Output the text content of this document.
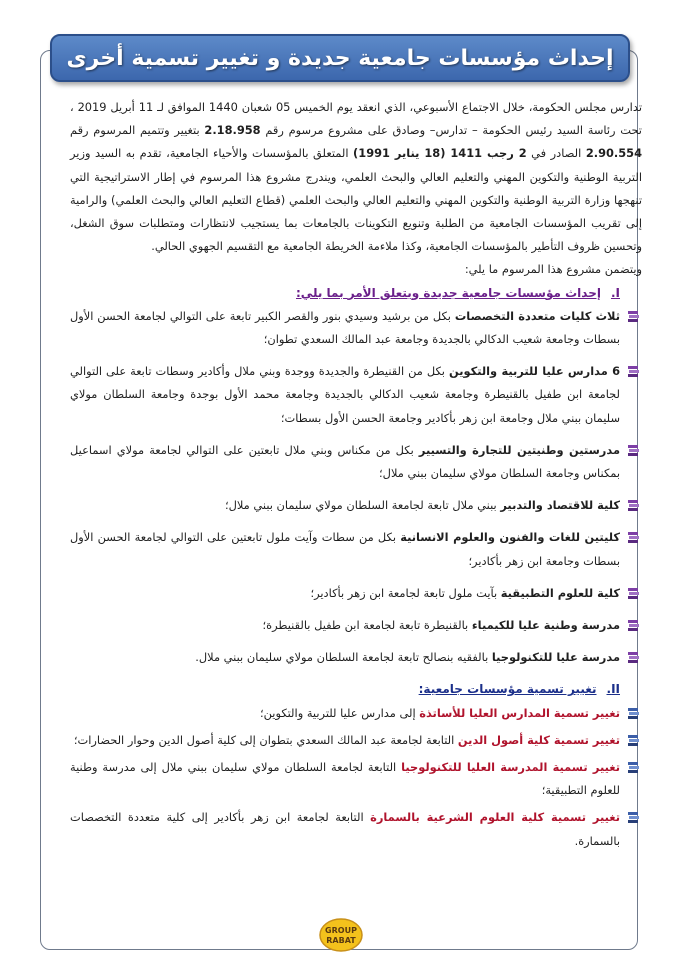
إحداث مؤسسات جامعية جديدة و تغيير تسمية أخرى

تدارس مجلس الحكومة، خلال الاجتماع الأسبوعي، الذي انعقد يوم الخميس 05 شعبان 1440 الموافق لـ 11 أبريل 2019 ، تحت رئاسة السيد رئيس الحكومة – تدارس– وصادق على مشروع مرسوم رقم 2.18.958 بتغيير وتتميم المرسوم رقم 2.90.554 الصادر في 2 رجب 1411 (18 يناير 1991) المتعلق بالمؤسسات والأحياء الجامعية، تقدم به السيد وزير التربية الوطنية والتكوين المهني والتعليم العالي والبحث العلمي، ويندرج مشروع هذا المرسوم في إطار الاستراتيجية التي تنهجها وزارة التربية الوطنية والتكوين المهني والتعليم العالي والبحث العلمي (قطاع التعليم العالي والبحث العلمي) والرامية إلى تقريب المؤسسات الجامعية من الطلبة وتنويع التكوينات بالجامعات بما يستجيب لانتظارات ومتطلبات سوق الشغل، وتحسين ظروف التأطير بالمؤسسات الجامعية، وكذا ملاءمة الخريطة الجامعية مع التقسيم الجهوي الحالي.

ويتضمن مشروع هذا المرسوم ما يلي:

I.إحداث مؤسسات جامعية جديدة ويتعلق الأمر بما يلي:

ثلاث كليات متعددة التخصصات بكل من برشيد وسيدي بنور والقصر الكبير تابعة على التوالي لجامعة الحسن الأول بسطات وجامعة شعيب الدكالي بالجديدة وجامعة عبد المالك السعدي تطوان؛
6 مدارس عليا للتربية والتكوين بكل من القنيطرة والجديدة ووجدة وبني ملال وأكادير وسطات تابعة على التوالي لجامعة ابن طفيل بالقنيطرة وجامعة شعيب الدكالي بالجديدة وجامعة محمد الأول بوجدة وجامعة السلطان مولاي سليمان ببني ملال وجامعة ابن زهر بأكادير وجامعة الحسن الأول بسطات؛
مدرستين وطنيتين للتجارة والتسيير بكل من مكناس وبني ملال تابعتين على التوالي لجامعة مولاي اسماعيل بمكناس وجامعة السلطان مولاي سليمان ببني ملال؛
كلية للاقتصاد والتدبير ببني ملال تابعة لجامعة السلطان مولاي سليمان ببني ملال؛
كليتين للغات والفنون والعلوم الانسانية بكل من سطات وآيت ملول تابعتين على التوالي لجامعة الحسن الأول بسطات وجامعة ابن زهر بأكادير؛
كلية للعلوم التطبيقية بآيت ملول تابعة لجامعة ابن زهر بأكادير؛
مدرسة وطنية عليا للكيمياء بالقنيطرة تابعة لجامعة ابن طفيل بالقنيطرة؛
مدرسة عليا للتكنولوجيا بالفقيه بنصالح تابعة لجامعة السلطان مولاي سليمان ببني ملال.

II.تغيير تسمية مؤسسات جامعية:

تغيير تسمية المدارس العليا للأساتذة إلى مدارس عليا للتربية والتكوين؛
تغيير تسمية كلية أصول الدين التابعة لجامعة عبد المالك السعدي بتطوان إلى كلية أصول الدين وحوار الحضارات؛
تغيير تسمية المدرسة العليا للتكنولوجيا التابعة لجامعة السلطان مولاي سليمان ببني ملال إلى مدرسة وطنية للعلوم التطبيقية؛
تغيير تسمية كلية العلوم الشرعية بالسمارة التابعة لجامعة ابن زهر بأكادير إلى كلية متعددة التخصصات بالسمارة.
GROUP
RABAT
